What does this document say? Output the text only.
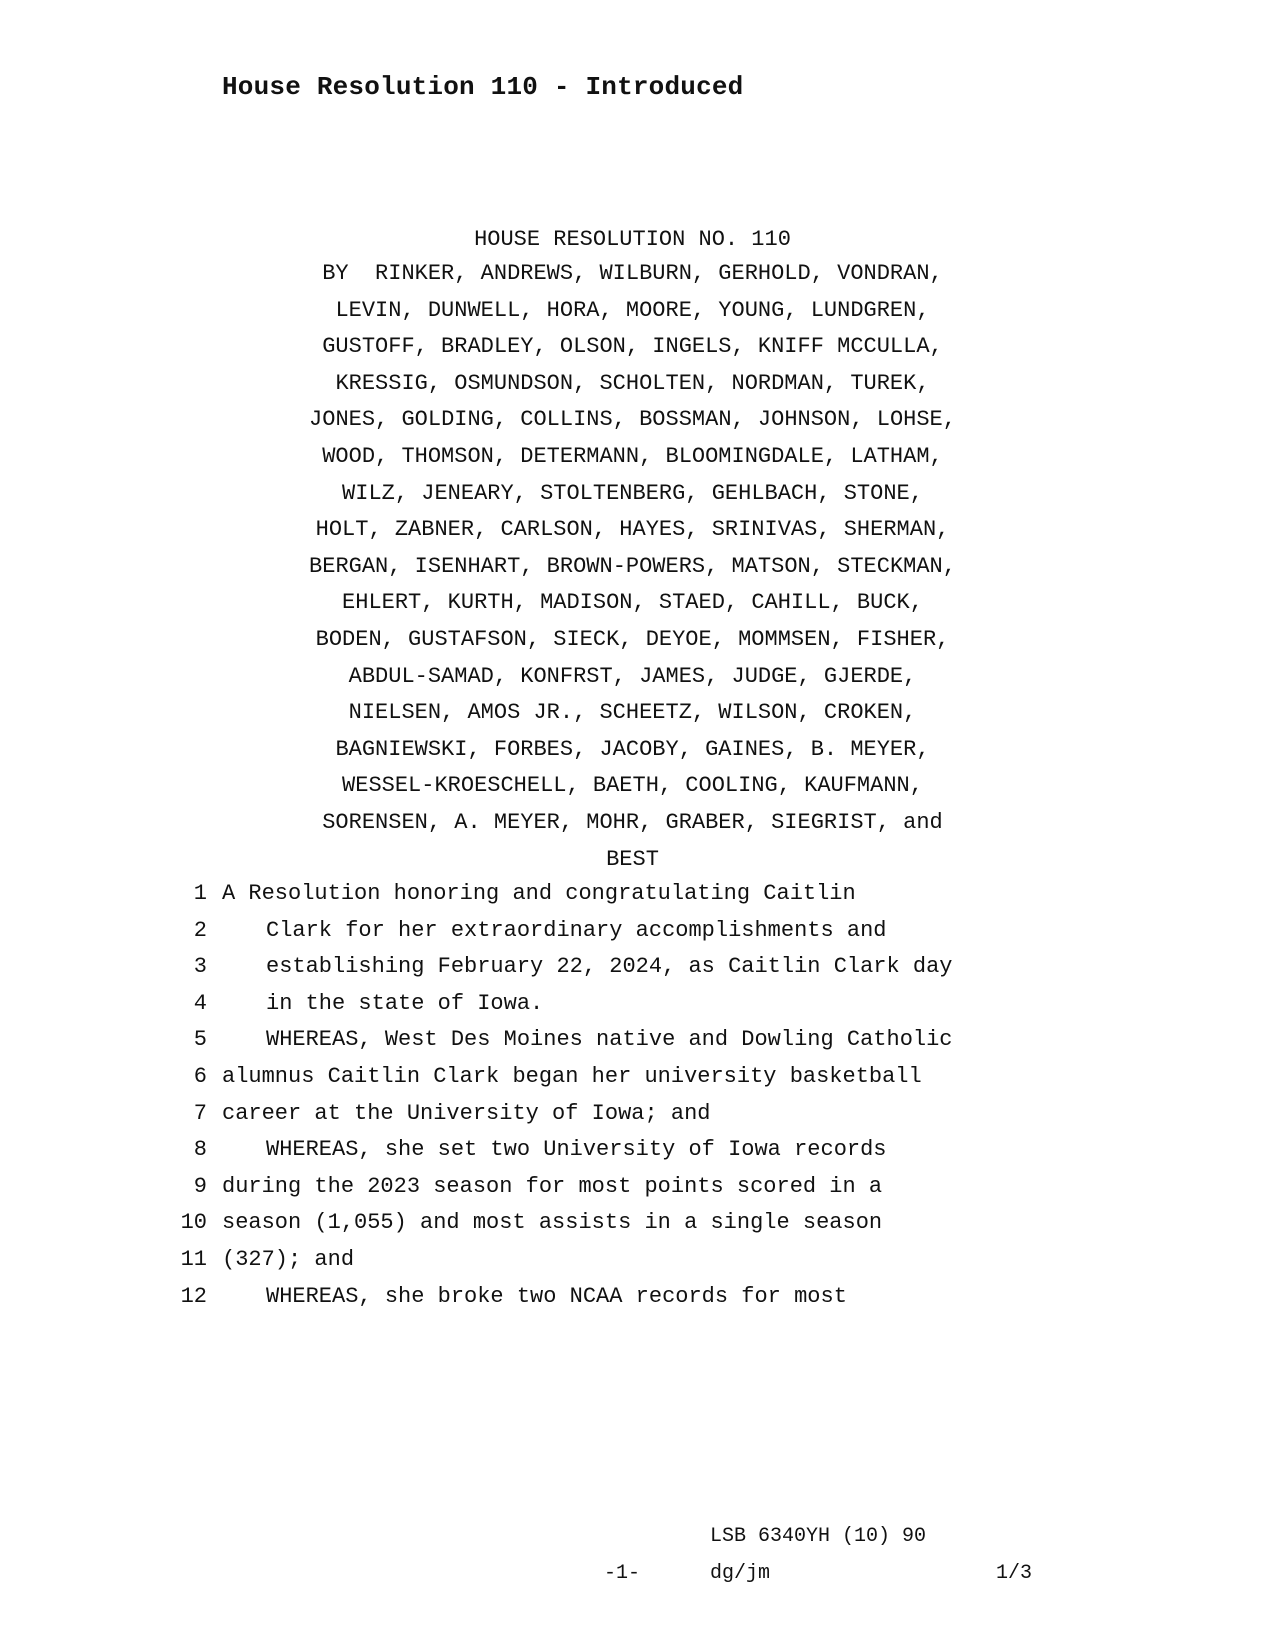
House Resolution 110 - Introduced
HOUSE RESOLUTION NO. 110
BY  RINKER, ANDREWS, WILBURN, GERHOLD, VONDRAN,
LEVIN, DUNWELL, HORA, MOORE, YOUNG, LUNDGREN,
GUSTOFF, BRADLEY, OLSON, INGELS, KNIFF MCCULLA,
KRESSIG, OSMUNDSON, SCHOLTEN, NORDMAN, TUREK,
JONES, GOLDING, COLLINS, BOSSMAN, JOHNSON, LOHSE,
WOOD, THOMSON, DETERMANN, BLOOMINGDALE, LATHAM,
WILZ, JENEARY, STOLTENBERG, GEHLBACH, STONE,
HOLT, ZABNER, CARLSON, HAYES, SRINIVAS, SHERMAN,
BERGAN, ISENHART, BROWN-POWERS, MATSON, STECKMAN,
EHLERT, KURTH, MADISON, STAED, CAHILL, BUCK,
BODEN, GUSTAFSON, SIECK, DEYOE, MOMMSEN, FISHER,
ABDUL-SAMAD, KONFRST, JAMES, JUDGE, GJERDE,
NIELSEN, AMOS JR., SCHEETZ, WILSON, CROKEN,
BAGNIEWSKI, FORBES, JACOBY, GAINES, B. MEYER,
WESSEL-KROESCHELL, BAETH, COOLING, KAUFMANN,
SORENSEN, A. MEYER, MOHR, GRABER, SIEGRIST, and
BEST

1

A Resolution honoring and congratulating Caitlin

2

	Clark for her extraordinary accomplishments and

3

	establishing February 22, 2024, as Caitlin Clark day

4

	in the state of Iowa.

5

	WHEREAS, West Des Moines native and Dowling Catholic

6

alumnus Caitlin Clark began her university basketball

7

career at the University of Iowa; and

8

	WHEREAS, she set two University of Iowa records

9

during the 2023 season for most points scored in a

10

season (1,055) and most assists in a single season

11

(327); and

12

	WHEREAS, she broke two NCAA records for most

LSB 6340YH (10) 90
-1-	dg/jm	1/3
